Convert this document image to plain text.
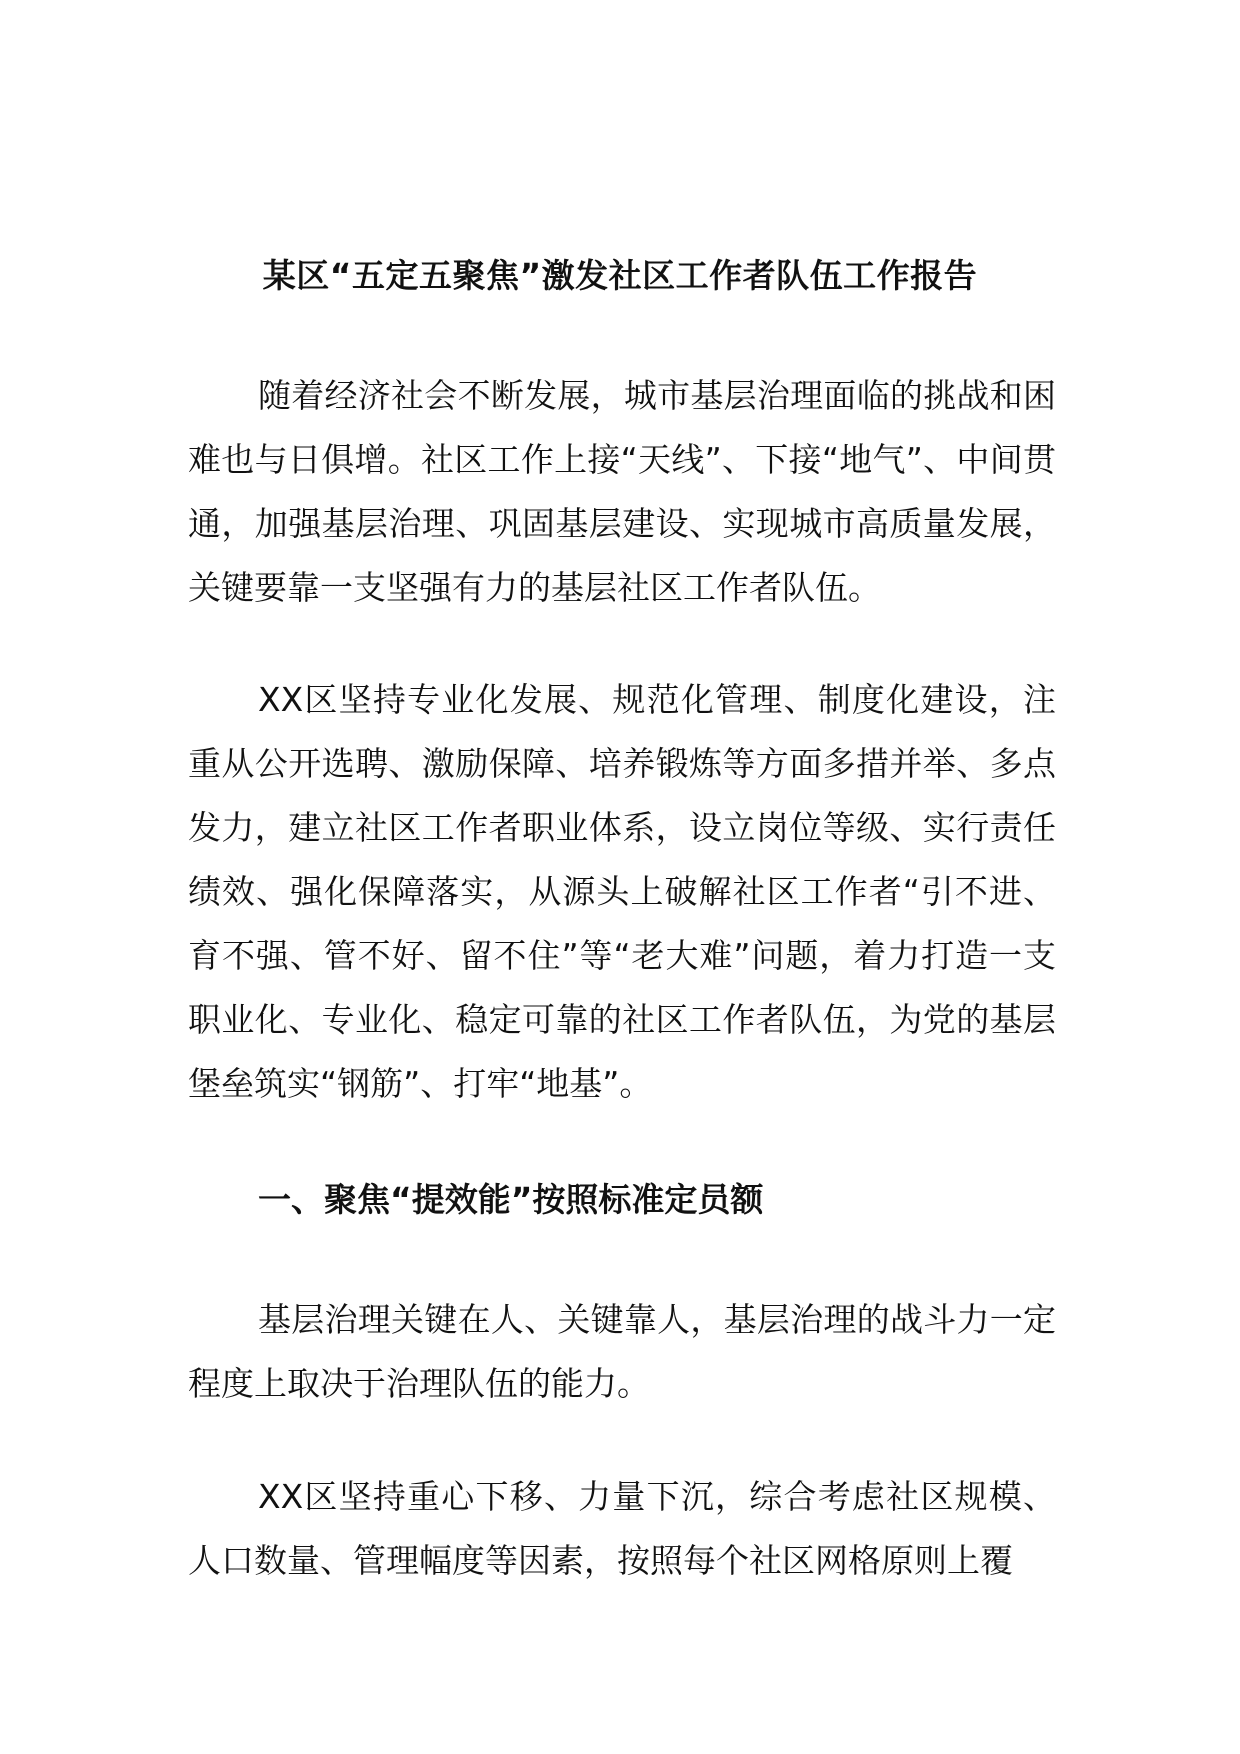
某区“五定五聚焦”激发社区工作者队伍工作报告

随着经济社会不断发展，城市基层治理面临的挑战和困难也与日俱增。社区工作上接“天线”、下接“地气”、中间贯通，加强基层治理、巩固基层建设、实现城市高质量发展，关键要靠一支坚强有力的基层社区工作者队伍。

XX区坚持专业化发展、规范化管理、制度化建设，注重从公开选聘、激励保障、培养锻炼等方面多措并举、多点发力，建立社区工作者职业体系，设立岗位等级、实行责任绩效、强化保障落实，从源头上破解社区工作者“引不进、育不强、管不好、留不住”等“老大难”问题，着力打造一支职业化、专业化、稳定可靠的社区工作者队伍，为党的基层堡垒筑实“钢筋”、打牢“地基”。

一、聚焦“提效能”按照标准定员额

基层治理关键在人、关键靠人，基层治理的战斗力一定程度上取决于治理队伍的能力。

XX区坚持重心下移、力量下沉，综合考虑社区规模、人口数量、管理幅度等因素，按照每个社区网格原则上覆
